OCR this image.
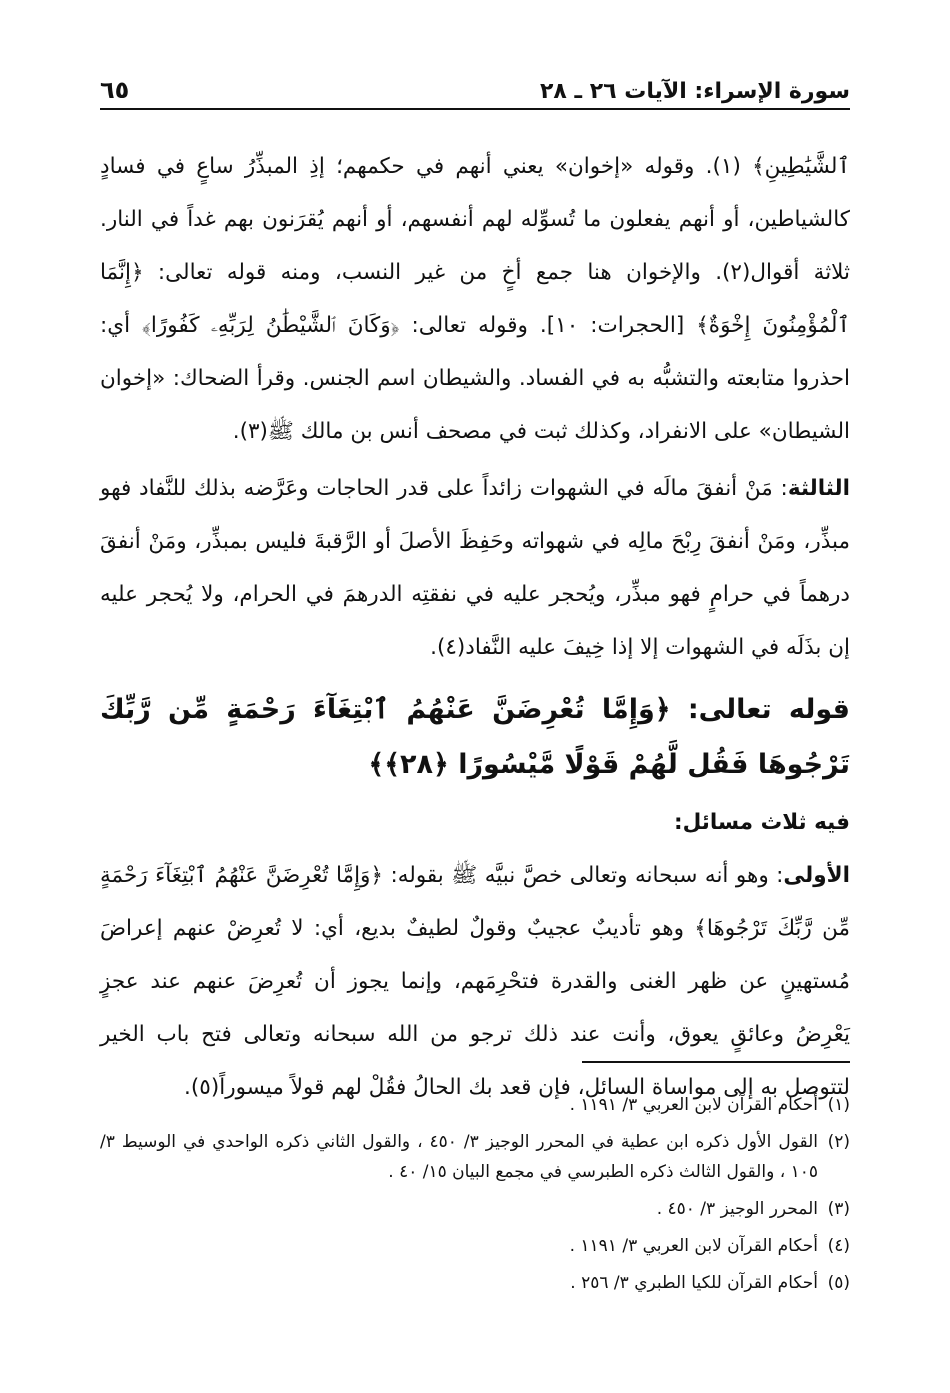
سورة الإسراء: الآيات ٢٦ ـ ٢٨
٦٥

ٱلشَّيَٰطِينِ﴾ (١). وقوله «إخوان» يعني أنهم في حكمهم؛ إذِ المبذِّرُ ساعٍ في فسادٍ كالشياطين، أو أنهم يفعلون ما تُسوِّله لهم أنفسهم، أو أنهم يُقرَنون بهم غداً في النار. ثلاثة أقوال(٢). والإخوان هنا جمع أخٍ من غير النسب، ومنه قوله تعالى: ﴿إِنَّمَا ٱلْمُؤْمِنُونَ إِخْوَةٌ﴾ [الحجرات: ١٠]. وقوله تعالى: ﴿وَكَانَ ٱلشَّيْطَٰنُ لِرَبِّهِۦ كَفُورًا﴾ أي: احذروا متابعته والتشبُّه به في الفساد. والشيطان اسم الجنس. وقرأ الضحاك: «إخوان الشيطان» على الانفراد، وكذلك ثبت في مصحف أنس بن مالك ﷺ(٣).

الثالثة: مَنْ أنفقَ مالَه في الشهوات زائداً على قدر الحاجات وعَرَّضه بذلك للنَّفاد فهو مبذِّر، ومَنْ أنفقَ رِبْحَ مالِه في شهواته وحَفِظَ الأصلَ أو الرَّقبةَ فليس بمبذِّر، ومَنْ أنفقَ درهماً في حرامٍ فهو مبذِّر، ويُحجر عليه في نفقتِه الدرهمَ في الحرام، ولا يُحجر عليه إن بذَلَه في الشهوات إلا إذا خِيفَ عليه النَّفاد(٤).

قوله تعالى: ﴿وَإِمَّا تُعْرِضَنَّ عَنْهُمُ ٱبْتِغَآءَ رَحْمَةٍ مِّن رَّبِّكَ تَرْجُوهَا فَقُل لَّهُمْ قَوْلًا مَّيْسُورًا ﴿٢٨﴾﴾

فيه ثلاث مسائل:

الأولى: وهو أنه سبحانه وتعالى خصَّ نبيَّه ﷺ بقوله: ﴿وَإِمَّا تُعْرِضَنَّ عَنْهُمُ ٱبْتِغَآءَ رَحْمَةٍ مِّن رَّبِّكَ تَرْجُوهَا﴾ وهو تأديبٌ عجيبٌ وقولٌ لطيفٌ بديع، أي: لا تُعرِضْ عنهم إعراضَ مُستهينٍ عن ظهر الغنى والقدرة فتحْرِمَهم، وإنما يجوز أن تُعرِضَ عنهم عند عجزٍ يَعْرِضُ وعائقٍ يعوق، وأنت عند ذلك ترجو من الله سبحانه وتعالى فتح باب الخير لتتوصل به إلى مواساة السائل، فإن قعد بك الحالُ فقُلْ لهم قولاً ميسوراً(٥).

(١)
أحكام القرآن لابن العربي ٣/ ١١٩١ .
(٢)
القول الأول ذكره ابن عطية في المحرر الوجيز ٣/ ٤٥٠ ، والقول الثاني ذكره الواحدي في الوسيط ٣/ ١٠٥ ، والقول الثالث ذكره الطبرسي في مجمع البيان ١٥/ ٤٠ .
(٣)
المحرر الوجيز ٣/ ٤٥٠ .
(٤)
أحكام القرآن لابن العربي ٣/ ١١٩١ .
(٥)
أحكام القرآن للكيا الطبري ٣/ ٢٥٦ .
